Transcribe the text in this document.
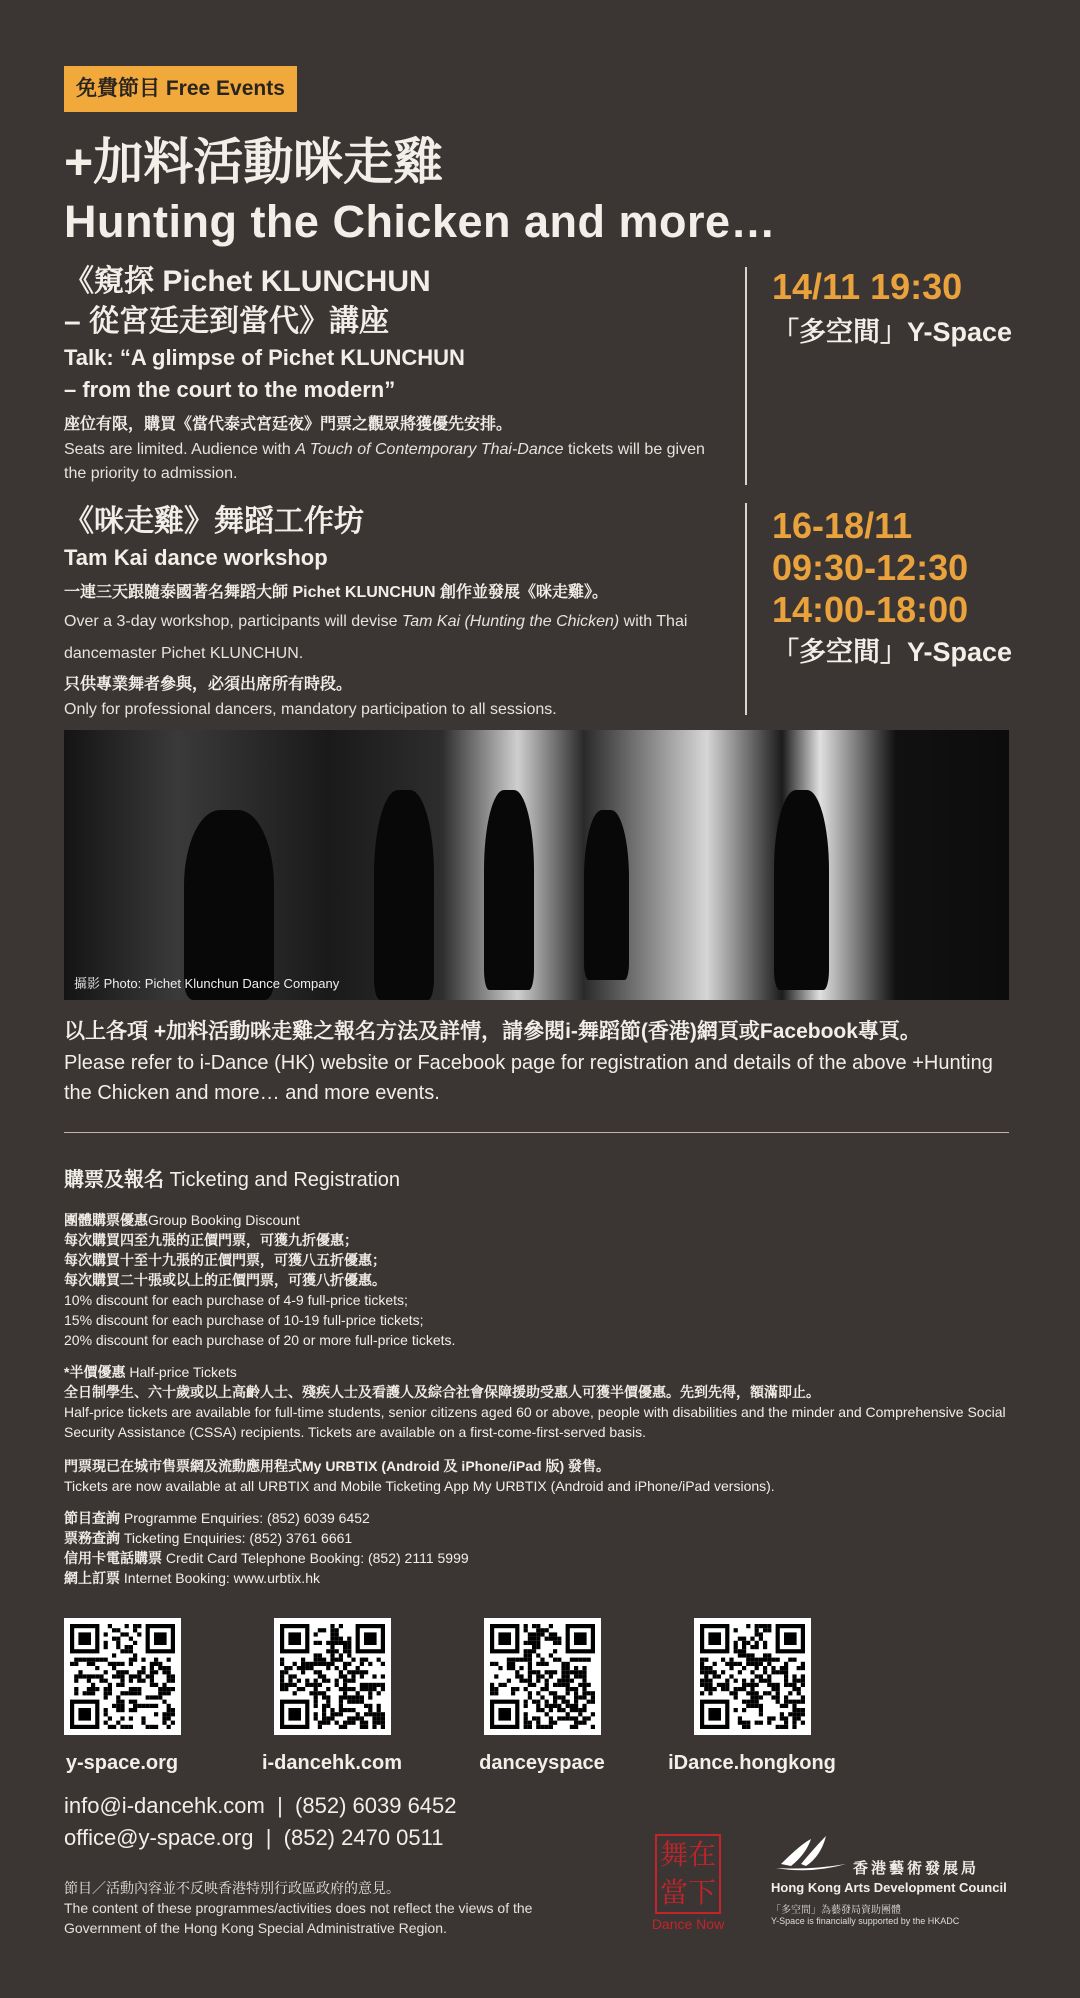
免費節目 Free Events
+加料活動咪走雞
Hunting the Chicken and more…
《窺探 Pichet KLUNCHUN
– 從宮廷走到當代》講座
Talk: “A glimpse of Pichet KLUNCHUN
– from the court to the modern”
座位有限，購買《當代泰式宮廷夜》門票之觀眾將獲優先安排。
Seats are limited. Audience with A Touch of Contemporary Thai-Dance tickets will be given the priority to admission.
14/11 19:30
「多空間」Y-Space
《咪走雞》舞蹈工作坊
Tam Kai dance workshop
一連三天跟隨泰國著名舞蹈大師 Pichet KLUNCHUN 創作並發展《咪走雞》。
Over a 3-day workshop, participants will devise Tam Kai (Hunting the Chicken) with Thai dancemaster Pichet KLUNCHUN.
只供專業舞者參與，必須出席所有時段。
Only for professional dancers, mandatory participation to all sessions.
16-18/11
09:30-12:30
14:00-18:00
「多空間」Y-Space
攝影 Photo: Pichet Klunchun Dance Company
以上各項 +加料活動咪走雞之報名方法及詳情，請參閱i-舞蹈節(香港)網頁或Facebook專頁。
Please refer to i-Dance (HK) website or Facebook page for registration and details of the above +Hunting the Chicken and more… and more events.
購票及報名 Ticketing and Registration
團體購票優惠Group Booking Discount
每次購買四至九張的正價門票，可獲九折優惠；
每次購買十至十九張的正價門票，可獲八五折優惠；
每次購買二十張或以上的正價門票，可獲八折優惠。
10% discount for each purchase of 4-9 full-price tickets;
15% discount for each purchase of 10-19 full-price tickets;
20% discount for each purchase of 20 or more full-price tickets.
*半價優惠 Half-price Tickets
全日制學生、六十歲或以上高齡人士、殘疾人士及看護人及綜合社會保障援助受惠人可獲半價優惠。先到先得，額滿即止。
Half-price tickets are available for full-time students, senior citizens aged 60 or above, people with disabilities and the minder and Comprehensive Social Security Assistance (CSSA) recipients. Tickets are available on a first-come-first-served basis.
門票現已在城市售票網及流動應用程式My URBTIX (Android 及 iPhone/iPad 版) 發售。
Tickets are now available at all URBTIX and Mobile Ticketing App My URBTIX (Android and iPhone/iPad versions).
節目查詢 Programme Enquiries: (852) 6039 6452
票務查詢 Ticketing Enquiries: (852) 3761 6661
信用卡電話購票 Credit Card Telephone Booking: (852) 2111 5999
網上訂票 Internet Booking: www.urbtix.hk
y-space.org	i-dancehk.com	danceyspace	iDance.hongkong
info@i-dancehk.com  |  (852) 6039 6452
office@y-space.org  |  (852) 2470 0511
節目／活動內容並不反映香港特別行政區政府的意見。
The content of these programmes/activities does not reflect the views of the Government of the Hong Kong Special Administrative Region.
舞在當下
Dance Now
香港藝術發展局
Hong Kong Arts Development Council
「多空間」為藝發局資助團體
Y-Space is financially supported by the HKADC
